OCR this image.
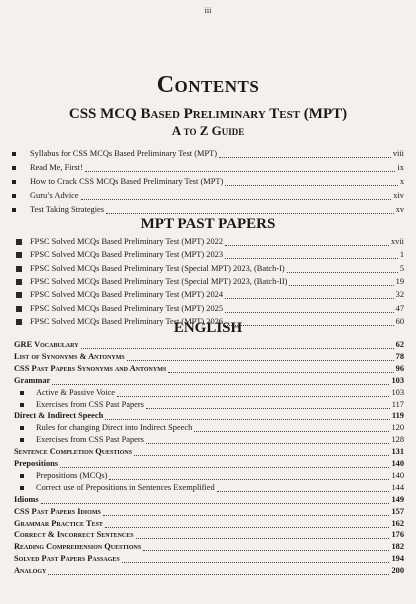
iii
Contents
CSS MCQ Based Preliminary Test (MPT)
A to Z Guide
Syllabus for CSS MCQs Based Preliminary Test (MPT)	viii
Read Me, First!	ix
How to Crack CSS MCQs Based Preliminary Test (MPT)	x
Guru’s Advice	xiv
Test Taking Strategies	xv
MPT PAST PAPERS
FPSC Solved MCQs Based Preliminary Test (MPT) 2022	xvii
FPSC Solved MCQs Based Preliminary Test (MPT) 2023	1
FPSC Solved MCQs Based Preliminary Test (Special MPT) 2023, (Batch-I)	5
FPSC Solved MCQs Based Preliminary Test (Special MPT) 2023, (Batch-II)	19
FPSC Solved MCQs Based Preliminary Test (MPT) 2024	32
FPSC Solved MCQs Based Preliminary Test (MPT) 2025	47
FPSC Solved MCQs Based Preliminary Test (MPT) 2026	60
ENGLISH
GRE Vocabulary	62
List of Synonyms & Antonyms	78
CSS Past Papers Synonyms and Antonyms	96
Grammar	103
Active & Passive Voice	103
Exercises from CSS Past Papers	117
Direct & Indirect Speech	119
Rules for changing Direct into Indirect Speech	120
Exercises from CSS Past Papers	128
Sentence Completion Questions	131
Prepositions	140
Prepositions (MCQs)	140
Correct use of Prepositions in Sentences Exemplified	144
Idioms	149
CSS Past Papers Idioms	157
Grammar Practice Test	162
Correct & Incorrect Sentences	176
Reading Comprehension Questions	182
Solved Past Papers Passages	194
Analogy	200
